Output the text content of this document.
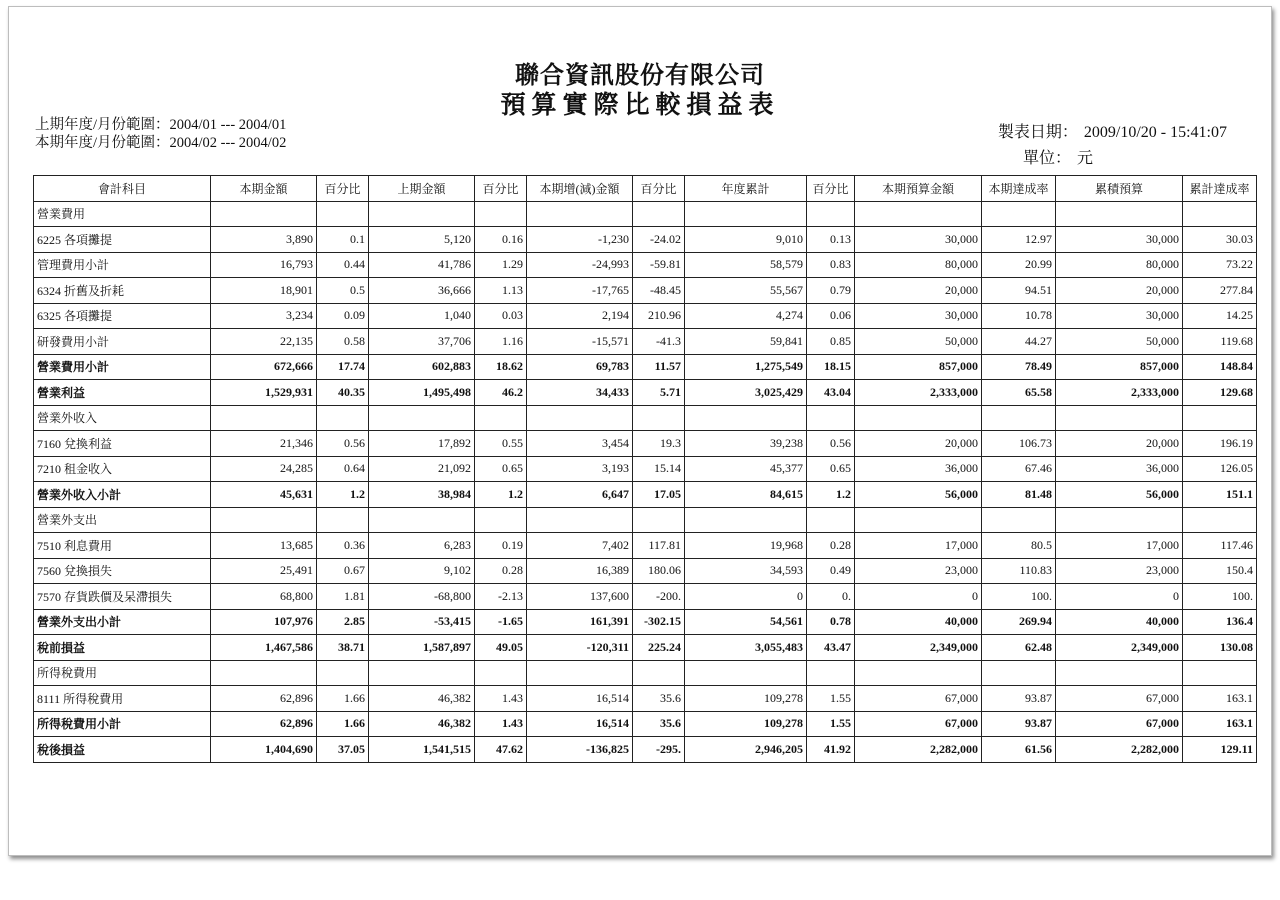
聯合資訊股份有限公司
預算實際比較損益表
上期年度/月份範圍：2004/01 --- 2004/01
本期年度/月份範圍：2004/02 --- 2004/02
製表日期： 2009/10/20 - 15:41:07
單位： 元
會計科目	本期金額	百分比	上期金額	百分比	本期增(減)金額	百分比	年度累計	百分比	本期預算金額	本期達成率	累積預算	累計達成率
營業費用												
6225 各項攤提	3,890	0.1	5,120	0.16	-1,230	-24.02	9,010	0.13	30,000	12.97	30,000	30.03
管理費用小計	16,793	0.44	41,786	1.29	-24,993	-59.81	58,579	0.83	80,000	20.99	80,000	73.22
6324 折舊及折耗	18,901	0.5	36,666	1.13	-17,765	-48.45	55,567	0.79	20,000	94.51	20,000	277.84
6325 各項攤提	3,234	0.09	1,040	0.03	2,194	210.96	4,274	0.06	30,000	10.78	30,000	14.25
研發費用小計	22,135	0.58	37,706	1.16	-15,571	-41.3	59,841	0.85	50,000	44.27	50,000	119.68
營業費用小計	672,666	17.74	602,883	18.62	69,783	11.57	1,275,549	18.15	857,000	78.49	857,000	148.84
營業利益	1,529,931	40.35	1,495,498	46.2	34,433	5.71	3,025,429	43.04	2,333,000	65.58	2,333,000	129.68
營業外收入												
7160 兌換利益	21,346	0.56	17,892	0.55	3,454	19.3	39,238	0.56	20,000	106.73	20,000	196.19
7210 租金收入	24,285	0.64	21,092	0.65	3,193	15.14	45,377	0.65	36,000	67.46	36,000	126.05
營業外收入小計	45,631	1.2	38,984	1.2	6,647	17.05	84,615	1.2	56,000	81.48	56,000	151.1
營業外支出												
7510 利息費用	13,685	0.36	6,283	0.19	7,402	117.81	19,968	0.28	17,000	80.5	17,000	117.46
7560 兌換損失	25,491	0.67	9,102	0.28	16,389	180.06	34,593	0.49	23,000	110.83	23,000	150.4
7570 存貨跌價及呆滯損失	68,800	1.81	-68,800	-2.13	137,600	-200.	0	0.	0	100.	0	100.
營業外支出小計	107,976	2.85	-53,415	-1.65	161,391	-302.15	54,561	0.78	40,000	269.94	40,000	136.4
稅前損益	1,467,586	38.71	1,587,897	49.05	-120,311	225.24	3,055,483	43.47	2,349,000	62.48	2,349,000	130.08
所得稅費用												
8111 所得稅費用	62,896	1.66	46,382	1.43	16,514	35.6	109,278	1.55	67,000	93.87	67,000	163.1
所得稅費用小計	62,896	1.66	46,382	1.43	16,514	35.6	109,278	1.55	67,000	93.87	67,000	163.1
稅後損益	1,404,690	37.05	1,541,515	47.62	-136,825	-295.	2,946,205	41.92	2,282,000	61.56	2,282,000	129.11
